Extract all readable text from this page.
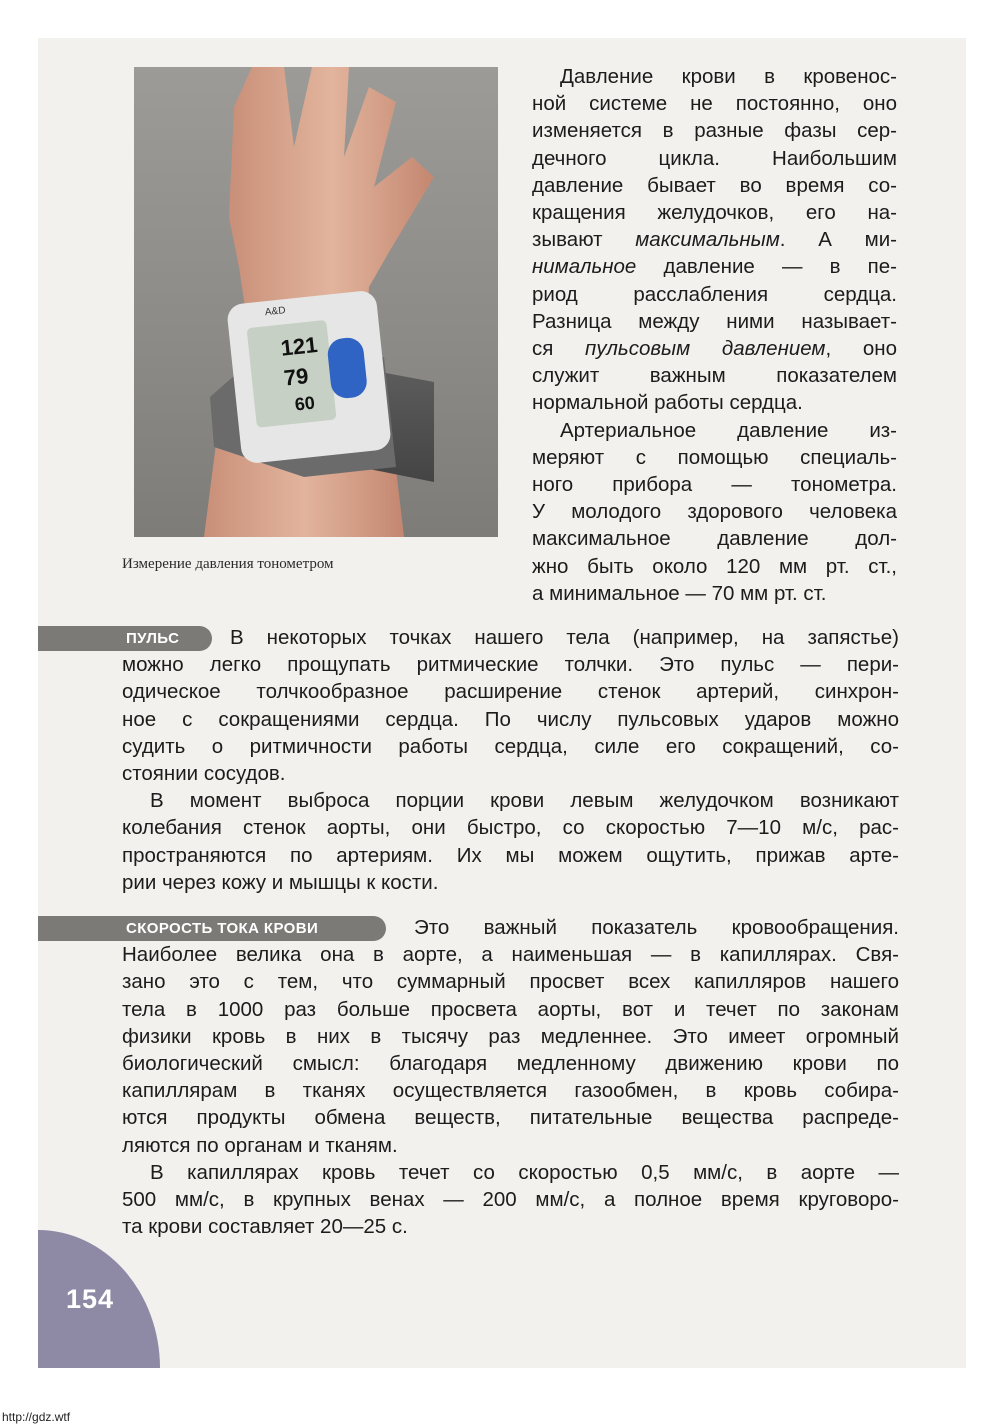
A&D
121
79
60
Измерение давления тонометром
Давление крови в кровенос-
ной системе не постоянно, оно
изменяется в разные фазы сер-
дечного цикла. Наибольшим
давление бывает во время со-
кращения желудочков, его на-
зывают максимальным. А ми-
нимальное давление — в пе-
риод расслабления сердца.
Разница между ними называет-
ся пульсовым давлением, оно
служит важным показателем
нормальной работы сердца.
Артериальное давление из-
меряют с помощью специаль-
ного прибора — тонометра.
У молодого здорового человека
максимальное давление дол-
жно быть около 120 мм рт. ст.,
а минимальное — 70 мм рт. ст.
ПУЛЬС	В некоторых точках нашего тела (например, на запястье)
можно легко прощупать ритмические толчки. Это пульс — пери-
одическое толчкообразное расширение стенок артерий, синхрон-
ное с сокращениями сердца. По числу пульсовых ударов можно
судить о ритмичности работы сердца, силе его сокращений, со-
стоянии сосудов.
В момент выброса порции крови левым желудочком возникают
колебания стенок аорты, они быстро, со скоростью 7—10 м/с, рас-
пространяются по артериям. Их мы можем ощутить, прижав арте-
рии через кожу и мышцы к кости.
СКОРОСТЬ ТОКА КРОВИ	Это важный показатель кровообращения.
Наиболее велика она в аорте, а наименьшая — в капиллярах. Свя-
зано это с тем, что суммарный просвет всех капилляров нашего
тела в 1000 раз больше просвета аорты, вот и течет по законам
физики кровь в них в тысячу раз медленнее. Это имеет огромный
биологический смысл: благодаря медленному движению крови по
капиллярам в тканях осуществляется газообмен, в кровь собира-
ются продукты обмена веществ, питательные вещества распреде-
ляются по органам и тканям.
В капиллярах кровь течет со скоростью 0,5 мм/с, в аорте —
500 мм/с, в крупных венах — 200 мм/с, а полное время круговоро-
та крови составляет 20—25 с.
154
http://gdz.wtf
